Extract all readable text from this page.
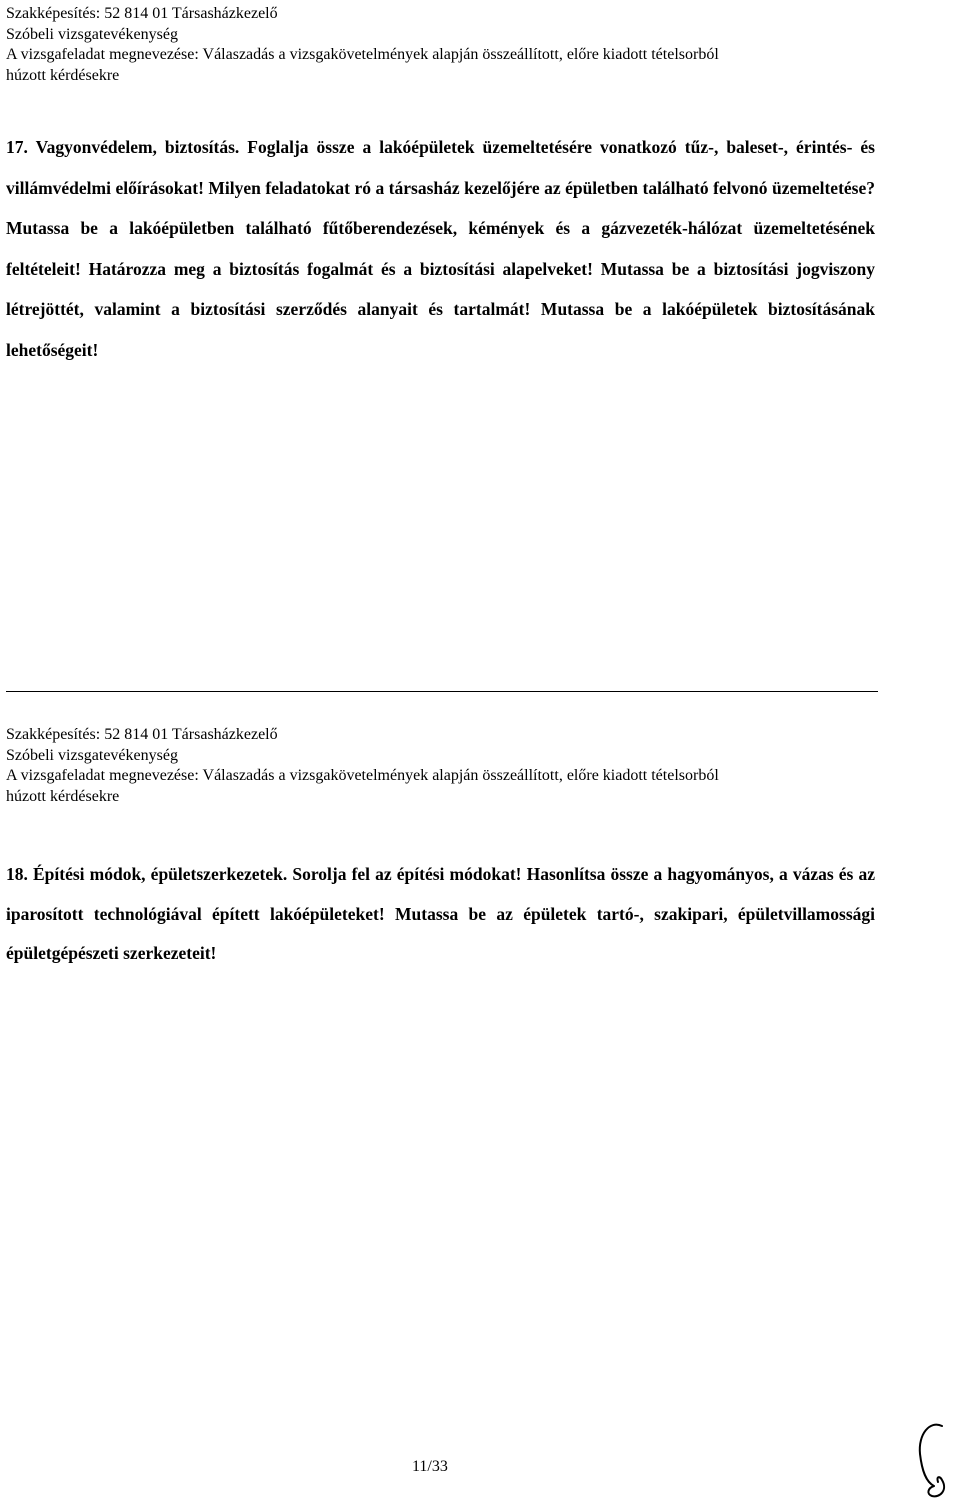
Szakképesítés: 52 814 01 Társasházkezelő
Szóbeli vizsgatevékenység
A vizsgafeladat megnevezése: Válaszadás a vizsgakövetelmények alapján összeállított, előre kiadott tételsorból
húzott kérdésekre
17. Vagyonvédelem, biztosítás. Foglalja össze a lakóépületek üzemeltetésére vonatkozó tűz-, baleset-, érintés- és villámvédelmi előírásokat! Milyen feladatokat ró a társasház kezelőjére az épületben található felvonó üzemeltetése? Mutassa be a lakóépületben található fűtőberendezések, kémények és a gázvezeték-hálózat üzemeltetésének feltételeit! Határozza meg a biztosítás fogalmát és a biztosítási alapelveket! Mutassa be a biztosítási jogviszony létrejöttét, valamint a biztosítási szerződés alanyait és tartalmát! Mutassa be a lakóépületek biztosításának lehetőségeit!
Szakképesítés: 52 814 01 Társasházkezelő
Szóbeli vizsgatevékenység
A vizsgafeladat megnevezése: Válaszadás a vizsgakövetelmények alapján összeállított, előre kiadott tételsorból
húzott kérdésekre
18. Építési módok, épületszerkezetek. Sorolja fel az építési módokat! Hasonlítsa össze a hagyományos, a vázas és az iparosított technológiával épített lakóépületeket! Mutassa be az épületek tartó-, szakipari, épületvillamossági épületgépészeti szerkezeteit!
11/33
